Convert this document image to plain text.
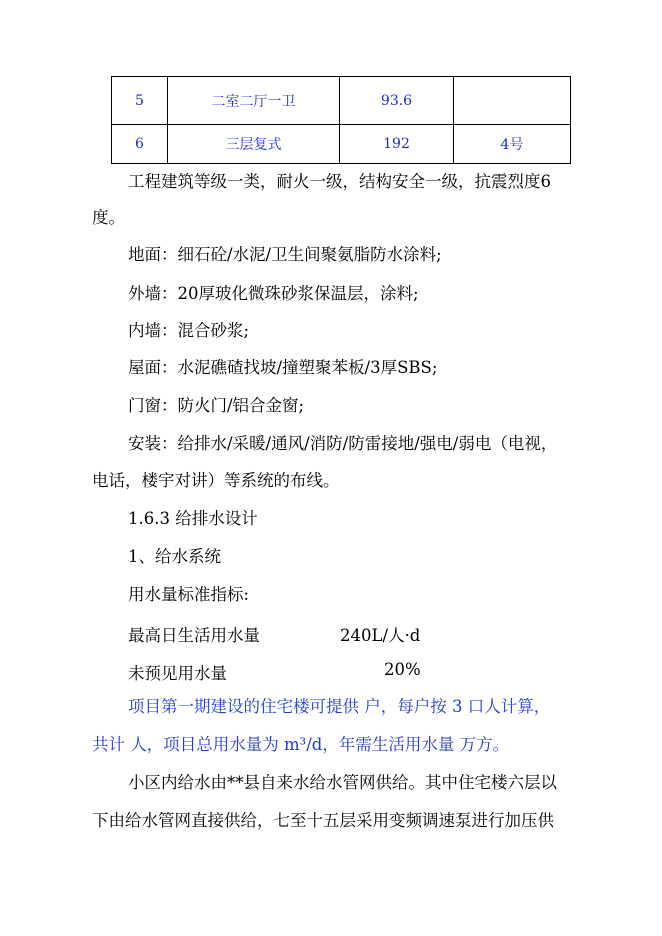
5	二室二厅一卫	93.6	
6	三层复式	192	4号
工程建筑等级一类，耐火一级，结构安全一级，抗震烈度6
度。
地面：细石砼/水泥/卫生间聚氨脂防水涂料;
外墙：20厚玻化微珠砂浆保温层，涂料;
内墙：混合砂浆;
屋面：水泥礁碴找坡/撞塑聚苯板/3厚SBS;
门窗：防火门/铝合金窗;
安装：给排水/采暖/通风/消防/防雷接地/强电/弱电（电视，
电话，楼宇对讲）等系统的布线。
1.6.3 给排水设计
1、给水系统
用水量标准指标:
最高日生活用水量	240L/人·d
未预见用水量	20%
项目第一期建设的住宅楼可提供 户，每户按 3 口人计算，
共计 人，项目总用水量为 m³/d，年需生活用水量 万方。
小区内给水由**县自来水给水管网供给。其中住宅楼六层以
下由给水管网直接供给，七至十五层采用变频调速泵进行加压供
